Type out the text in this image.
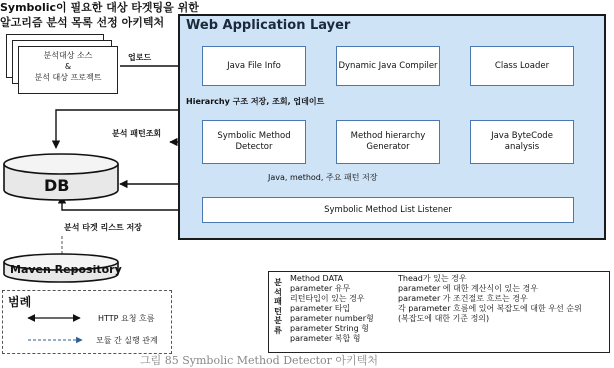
Symbolic이 필요한 대상 타겟팅을 위한
알고리즘 분석 목록 선정 아키텍처
분석대상 소스
&
분석 대상 프로젝트
Web Application Layer
Java File Info	Dynamic Java Compiler	Class Loader
Symbolic Method
Detector
Method hierarchy
Generator
Java ByteCode
analysis
Symbolic Method List Listener
업로드
Hierarchy 구조 저장, 조회, 업데이트
분석 패턴조회
Java, method, 주요 패턴 저장
분석 타겟 리스트 저장
DB
Maven Repository
범례
HTTP 요청 흐름
모듈 간 실행 관계
분
석
패
턴
분
류
Method DATA
parameter 유무
리턴타입이 있는 경우
parameter 타입
parameter number형
parameter String 형
parameter 복합 형
Thead가 있는 경우
parameter 에 대한 계산식이 있는 경우
parameter 가 조건절로 흐르는 경우
각 parameter 흐름에 있어 복잡도에 대한 우선 순위
(복잡도에 대한 기준 정의)
그림 85 Symbolic Method Detector 아키텍처
